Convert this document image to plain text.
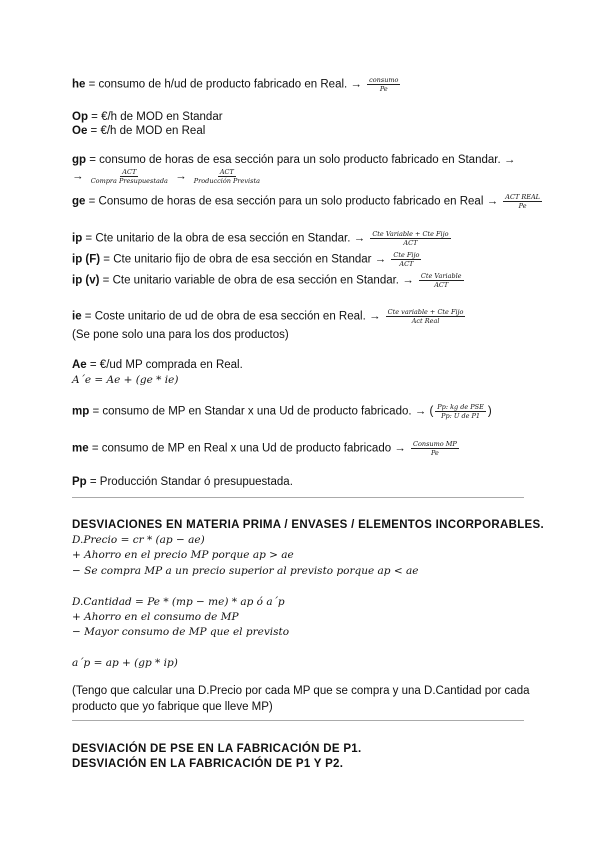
he = consumo de h/ud de producto fabricado en Real. → $\frac{\text{consumo}}{Pe}$
Op = €/h de MOD en Standar
Oe = €/h de MOD en Real
gp = consumo de horas de esa sección para un solo producto fabricado en Standar. →
→ $\frac{\text{ACT}}{\text{Compra Presupuestada}} \to \frac{\text{ACT}}{\text{Producción Prevista}}$
ge = Consumo de horas de esa sección para un solo producto fabricado en Real → $\frac{\text{ACT REAL}}{Pe}$
ip = Cte unitario de la obra de esa sección en Standar. → $\frac{\text{Cte Variable + Cte Fijo}}{\text{ACT}}$
ip (F) = Cte unitario fijo de obra de esa sección en Standar → $\frac{\text{Cte Fijo}}{\text{ACT}}$
ip (v) = Cte unitario variable de obra de esa sección en Standar. → $\frac{\text{Cte Variable}}{\text{ACT}}$
ie = Coste unitario de ud de obra de esa sección en Real. → $\frac{\text{Cte variable + Cte Fijo}}{\text{Act Real}}$
(Se pone solo una para los dos productos)
Ae = €/ud MP comprada en Real.
A´e = Ae + (ge * ie)
mp = consumo de MP en Standar x una Ud de producto fabricado. → ( $\frac{\text{Pp: kg de PSE}}{\text{Pp: U de P1}}$ )
me = consumo de MP en Real x una Ud de producto fabricado → $\frac{\text{Consumo MP}}{Pe}$
Pp = Producción Standar ó presupuestada.
DESVIACIONES EN MATERIA PRIMA / ENVASES / ELEMENTOS INCORPORABLES.
D.Precio = cr * (ap − ae)
+ Ahorro en el precio MP porque ap > ae
− Se compra MP a un precio superior al previsto porque ap < ae
D.Cantidad = Pe * (mp − me) * ap ó a´p
+ Ahorro en el consumo de MP
− Mayor consumo de MP que el previsto
a´p = ap + (gp * ip)
(Tengo que calcular una D.Precio por cada MP que se compra y una D.Cantidad por cada
producto que yo fabrique que lleve MP)
DESVIACIÓN DE PSE EN LA FABRICACIÓN DE P1.
DESVIACIÓN EN LA FABRICACIÓN DE P1 Y P2.
